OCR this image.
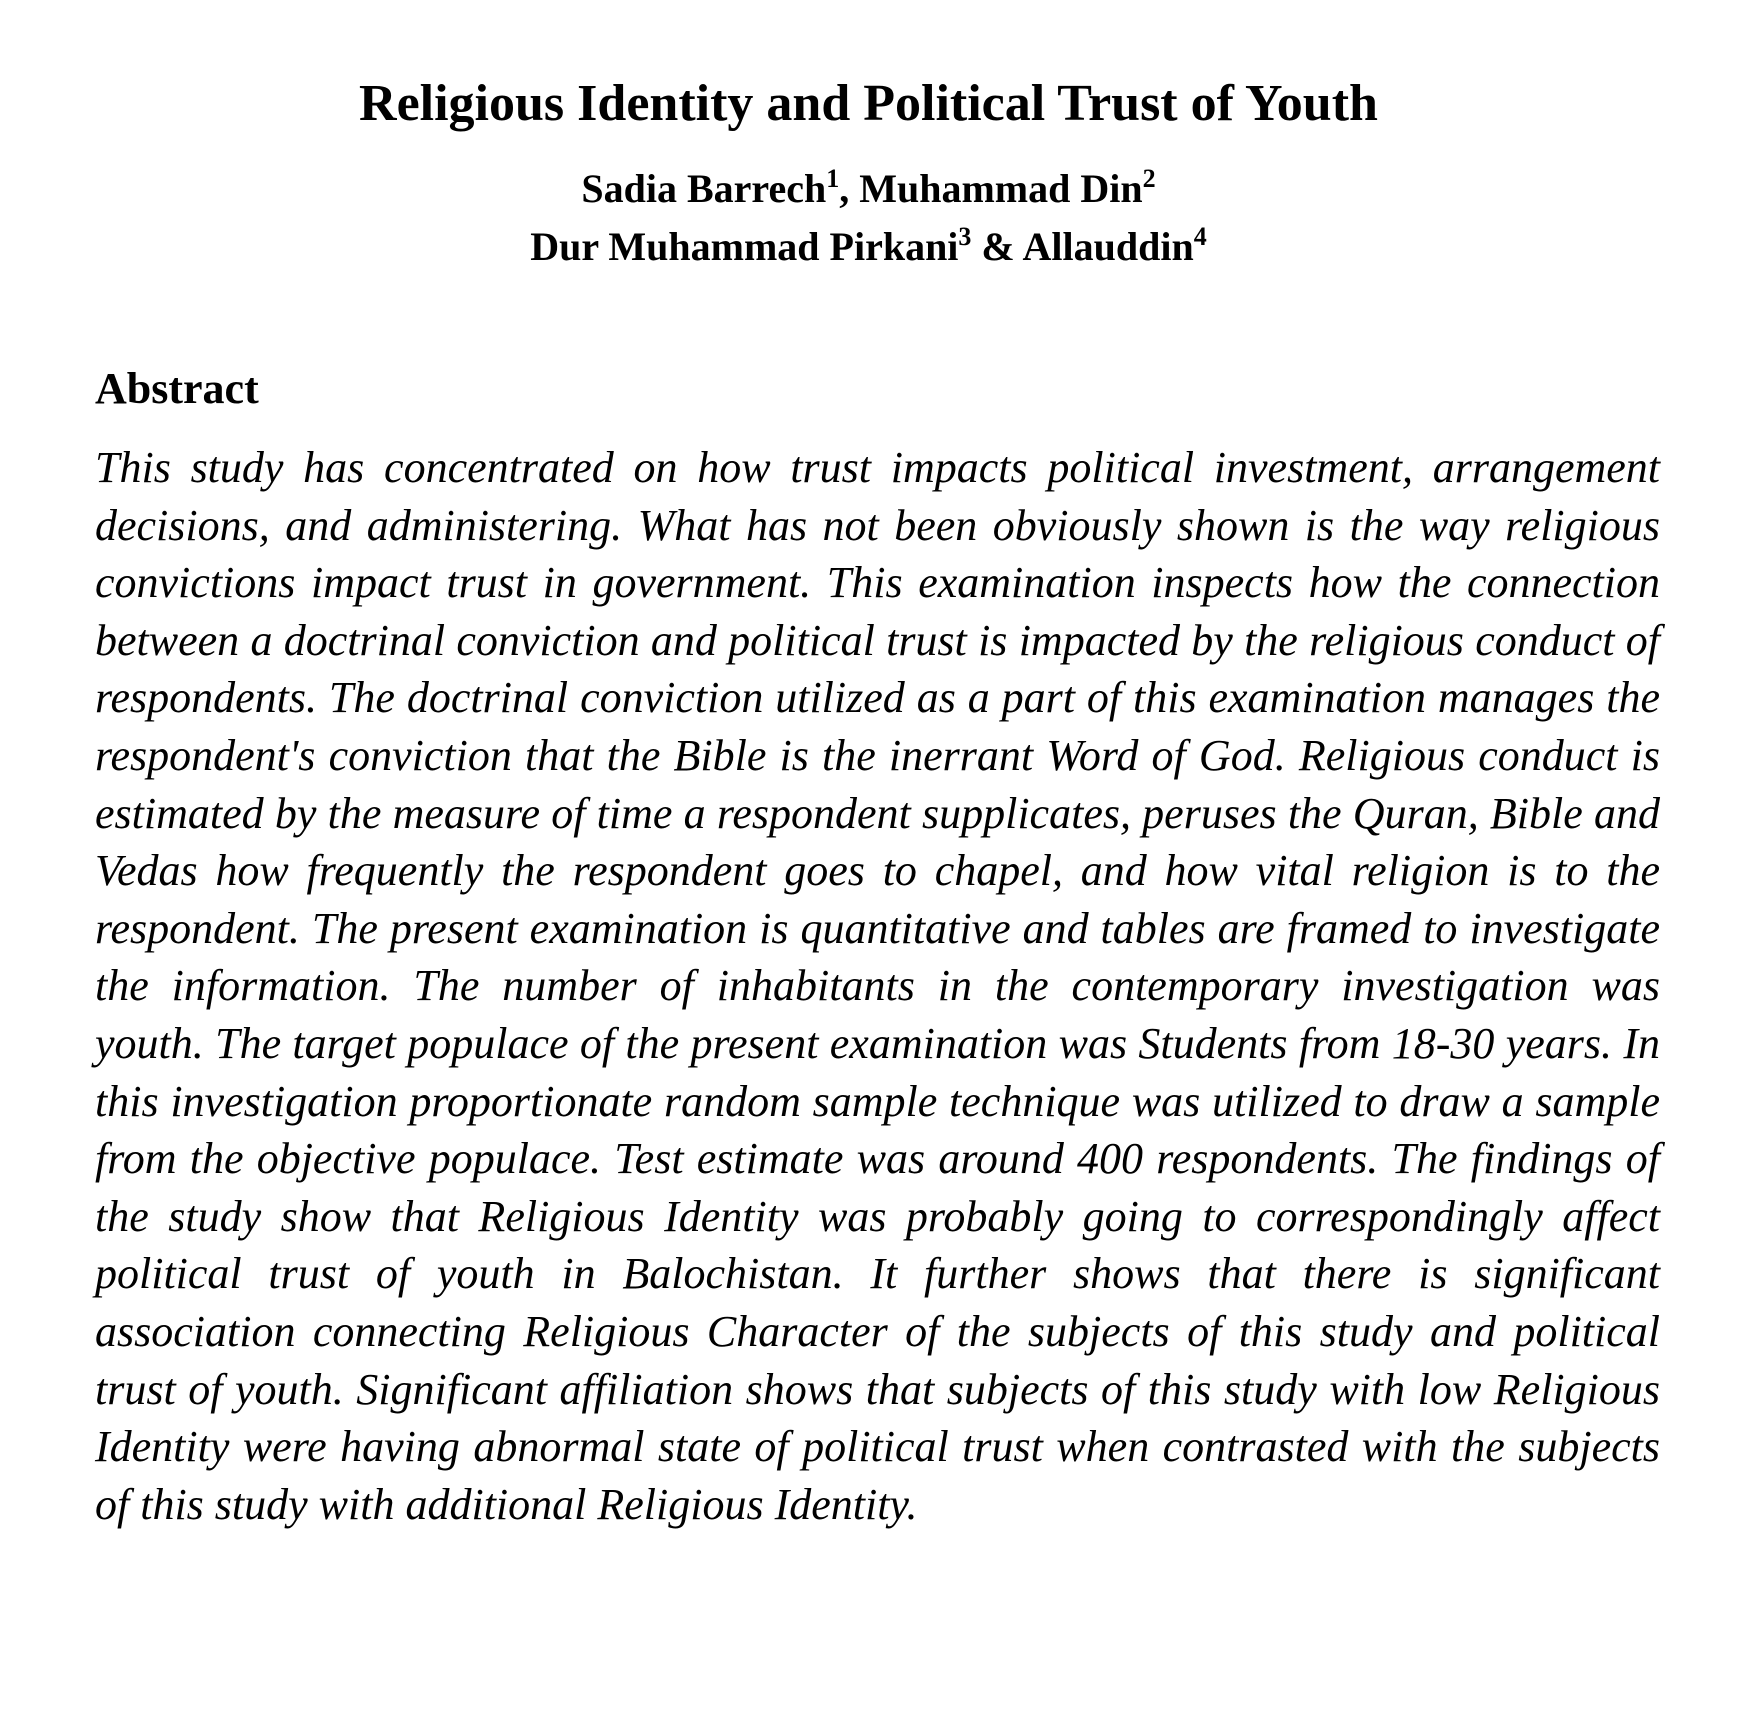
Religious Identity and Political Trust of Youth
Sadia Barrech$^1$, Muhammad Din$^2$
Dur Muhammad Pirkani$^3$ & Allauddin$^4$
Abstract

This study has concentrated on how trust impacts political investment, arrangement decisions, and administering. What has not been obviously shown is the way religious convictions impact trust in government. This examination inspects how the connection between a doctrinal conviction and political trust is impacted by the religious conduct of respondents. The doctrinal conviction utilized as a part of this examination manages the respondent's conviction that the Bible is the inerrant Word of God. Religious conduct is estimated by the measure of time a respondent supplicates, peruses the Quran, Bible and Vedas how frequently the respondent goes to chapel, and how vital religion is to the respondent. The present examination is quantitative and tables are framed to investigate the information. The number of inhabitants in the contemporary investigation was youth. The target populace of the present examination was Students from 18-30 years. In this investigation proportionate random sample technique was utilized to draw a sample from the objective populace. Test estimate was around 400 respondents. The findings of the study show that Religious Identity was probably going to correspondingly affect political trust of youth in Balochistan. It further shows that there is significant association connecting Religious Character of the subjects of this study and political trust of youth. Significant affiliation shows that subjects of this study with low Religious Identity were having abnormal state of political trust when contrasted with the subjects of this study with additional Religious Identity.
